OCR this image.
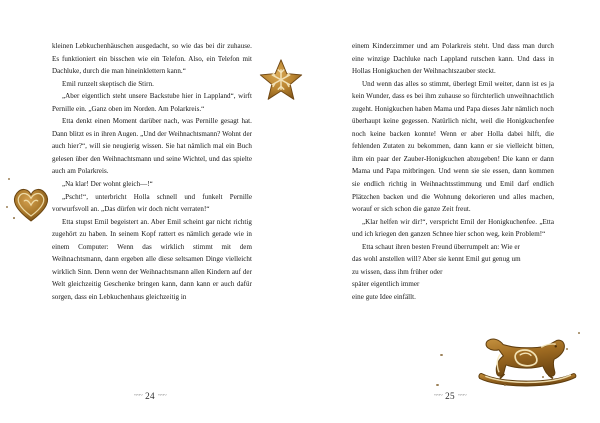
kleinen Lebkuchenhäuschen ausgedacht, so wie das bei dir zuhause. Es funktioniert ein bisschen wie ein Telefon. Also, ein Telefon mit Dachluke, durch die man hineinklettern kann.“

Emil runzelt skeptisch die Stirn.

„Aber eigentlich steht unsere Backstube hier in Lappland“, wirft Pernille ein. „Ganz oben im Norden. Am Polarkreis.“

Etta denkt einen Moment darüber nach, was Pernille gesagt hat. Dann blitzt es in ihren Augen. „Und der Weihnachtsmann? Wohnt der auch hier?“, will sie neugierig wissen. Sie hat nämlich mal ein Buch gelesen über den Weihnachtsmann und seine Wichtel, und das spielte auch am Polarkreis.

„Na klar! Der wohnt gleich—!“

„Pscht!“, unterbricht Holla schnell und funkelt Pernille vorwurfsvoll an. „Das dürfen wir doch nicht verraten!“

Etta stupst Emil begeistert an. Aber Emil scheint gar nicht richtig zugehört zu haben. In seinem Kopf rattert es nämlich gerade wie in einem Computer: Wenn das wirklich stimmt mit dem Weihnachtsmann, dann ergeben alle diese seltsamen Dinge vielleicht wirklich Sinn. Denn wenn der Weihnachtsmann allen Kindern auf der Welt gleichzeitig Geschenke bringen kann, dann kann er auch dafür sorgen, dass ein Lebkuchenhaus gleichzeitig in

~~~ 24 ~~~

einem Kinderzimmer und am Polarkreis steht. Und dass man durch eine winzige Dachluke nach Lappland rutschen kann. Und dass in Hollas Honigkuchen der Weihnachtszauber steckt.

Und wenn das alles so stimmt, überlegt Emil weiter, dann ist es ja kein Wunder, dass es bei ihm zuhause so fürchterlich unweihnachtlich zugeht. Honigkuchen haben Mama und Papa dieses Jahr nämlich noch überhaupt keine gegessen. Natürlich nicht, weil die Honigkuchenfee noch keine backen konnte! Wenn er aber Holla dabei hilft, die fehlenden Zutaten zu bekommen, dann kann er sie vielleicht bitten, ihm ein paar der Zauber-Honigkuchen abzugeben! Die kann er dann Mama und Papa mitbringen. Und wenn sie sie essen, dann kommen sie endlich richtig in Weihnachtsstimmung und Emil darf endlich Plätzchen backen und die Wohnung dekorieren und alles machen, worauf er sich schon die ganze Zeit freut.

„Klar helfen wir dir!“, verspricht Emil der Honigkuchenfee. „Etta und ich kriegen den ganzen Schnee hier schon weg, kein Problem!“

Etta schaut ihren besten Freund überrumpelt an: Wie er

das wohl anstellen will? Aber sie kennt Emil gut genug um

zu wissen, dass ihm früher oder

später eigentlich immer

eine gute Idee einfällt.

~~~ 25 ~~~
